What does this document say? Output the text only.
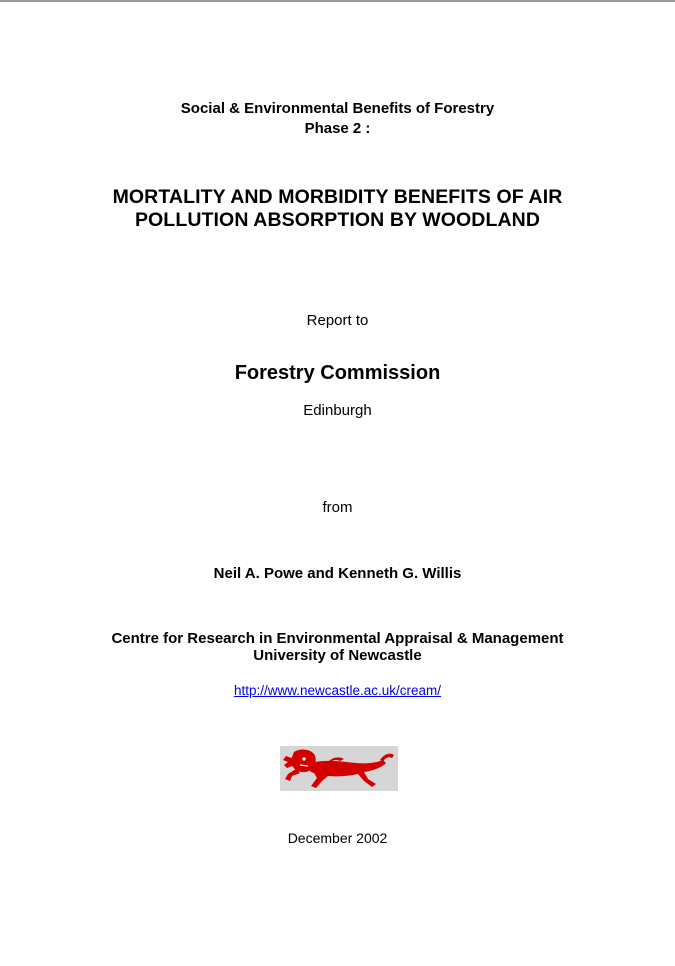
Social & Environmental Benefits of Forestry
Phase 2 :
MORTALITY AND MORBIDITY BENEFITS OF AIR
POLLUTION ABSORPTION BY WOODLAND
Report to
Forestry Commission
Edinburgh
from
Neil A. Powe and Kenneth G. Willis
Centre for Research in Environmental Appraisal & Management
University of Newcastle
http://www.newcastle.ac.uk/cream/
December 2002
